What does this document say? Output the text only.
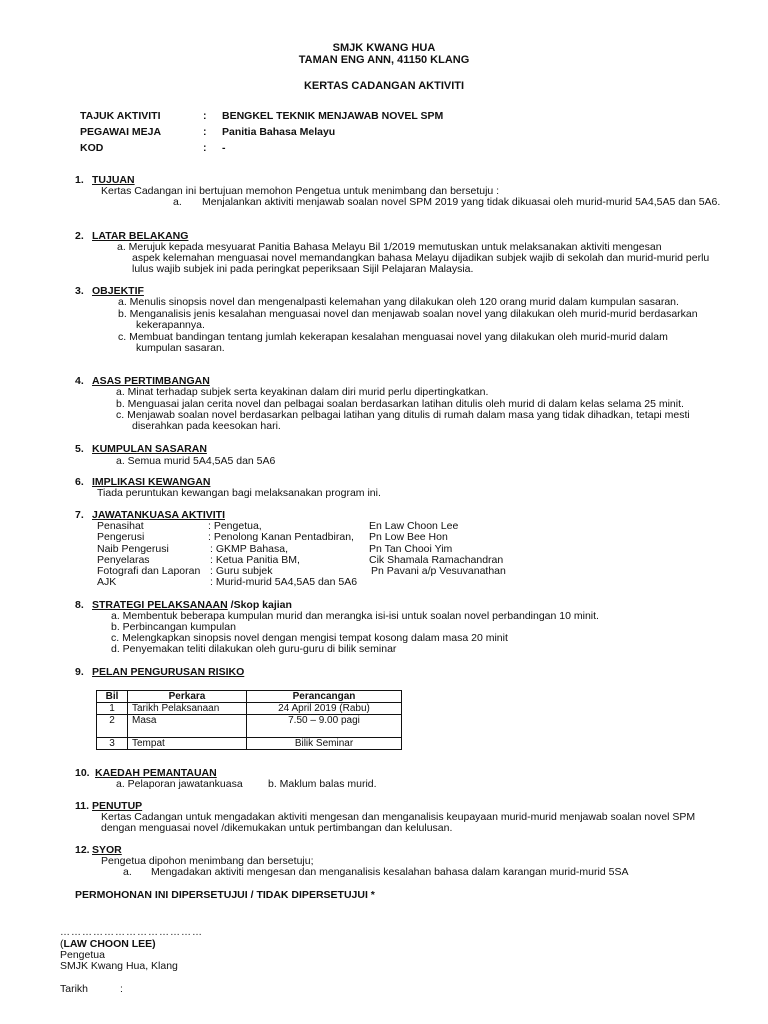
SMJK KWANG HUA
TAMAN ENG ANN, 41150 KLANG
KERTAS CADANGAN AKTIVITI
TAJUK AKTIVITI	: BENGKEL TEKNIK MENJAWAB NOVEL SPM
PEGAWAI MEJA	: Panitia Bahasa Melayu
KOD	: -
1. TUJUAN
Kertas Cadangan ini bertujuan memohon Pengetua untuk menimbang dan bersetuju :
a. Menjalankan aktiviti menjawab soalan novel SPM 2019 yang tidak dikuasai oleh murid-murid 5A4,5A5 dan 5A6.
2. LATAR BELAKANG
a. Merujuk kepada mesyuarat Panitia Bahasa Melayu Bil 1/2019 memutuskan untuk melaksanakan aktiviti mengesan
aspek kelemahan menguasai novel memandangkan bahasa Melayu dijadikan subjek wajib di sekolah dan murid-murid perlu
lulus wajib subjek ini pada peringkat peperiksaan Sijil Pelajaran Malaysia.
3. OBJEKTIF
a. Menulis sinopsis novel dan mengenalpasti kelemahan yang dilakukan oleh 120 orang murid dalam kumpulan sasaran.
b. Menganalisis jenis kesalahan menguasai novel dan menjawab soalan novel yang dilakukan oleh murid-murid berdasarkan
kekerapannya.
c. Membuat bandingan tentang jumlah kekerapan kesalahan menguasai novel yang dilakukan oleh murid-murid dalam
kumpulan sasaran.
4. ASAS PERTIMBANGAN
a. Minat terhadap subjek serta keyakinan dalam diri murid perlu dipertingkatkan.
b. Menguasai jalan cerita novel dan pelbagai soalan berdasarkan latihan ditulis oleh murid di dalam kelas selama 25 minit.
c. Menjawab soalan novel berdasarkan pelbagai latihan yang ditulis di rumah dalam masa yang tidak dihadkan, tetapi mesti
diserahkan pada keesokan hari.
5. KUMPULAN SASARAN
a. Semua murid 5A4,5A5 dan 5A6
6. IMPLIKASI KEWANGAN
Tiada peruntukan kewangan bagi melaksanakan program ini.
7. JAWATANKUASA AKTIVITI
Penasihat	: Pengetua,	En Law Choon Lee
Pengerusi	: Penolong Kanan Pentadbiran, Pn Low Bee Hon
Naib Pengerusi	: GKMP Bahasa,	Pn Tan Chooi Yim
Penyelaras	: Ketua Panitia BM,	Cik Shamala Ramachandran
Fotografi dan Laporan : Guru subjek	Pn Pavani a/p Vesuvanathan
AJK	: Murid-murid 5A4,5A5 dan 5A6
8. STRATEGI PELAKSANAAN /Skop kajian
a. Membentuk beberapa kumpulan murid dan merangka isi-isi untuk soalan novel perbandingan 10 minit.
b. Perbincangan kumpulan
c. Melengkapkan sinopsis novel dengan mengisi tempat kosong dalam masa 20 minit
d. Penyemakan teliti dilakukan oleh guru-guru di bilik seminar
9. PELAN PENGURUSAN RISIKO
Bil	Perkara	Perancangan
1	Tarikh Pelaksanaan	24 April 2019 (Rabu)
2	Masa	7.50 – 9.00 pagi
3	Tempat	Bilik Seminar
10. KAEDAH PEMANTAUAN
a. Pelaporan jawatankuasa b. Maklum balas murid.
11. PENUTUP
Kertas Cadangan untuk mengadakan aktiviti mengesan dan menganalisis keupayaan murid-murid menjawab soalan novel SPM
dengan menguasai novel /dikemukakan untuk pertimbangan dan kelulusan.
12. SYOR
Pengetua dipohon menimbang dan bersetuju;
a. Mengadakan aktiviti mengesan dan menganalisis kesalahan bahasa dalam karangan murid-murid 5SA
PERMOHONAN INI DIPERSETUJUI / TIDAK DIPERSETUJUI *
…………………………………
(LAW CHOON LEE)
Pengetua
SMJK Kwang Hua, Klang
Tarikh	:
